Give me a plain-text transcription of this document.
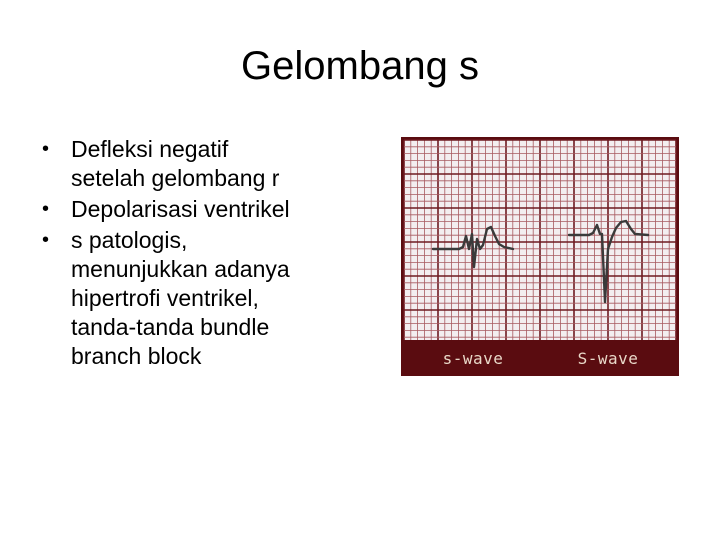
Gelombang s
• Defleksi negatif
setelah gelombang r
• Depolarisasi ventrikel
• s patologis,
menunjukkan adanya
hipertrofi ventrikel,
tanda-tanda bundle
branch block	s-wave	S-wave
